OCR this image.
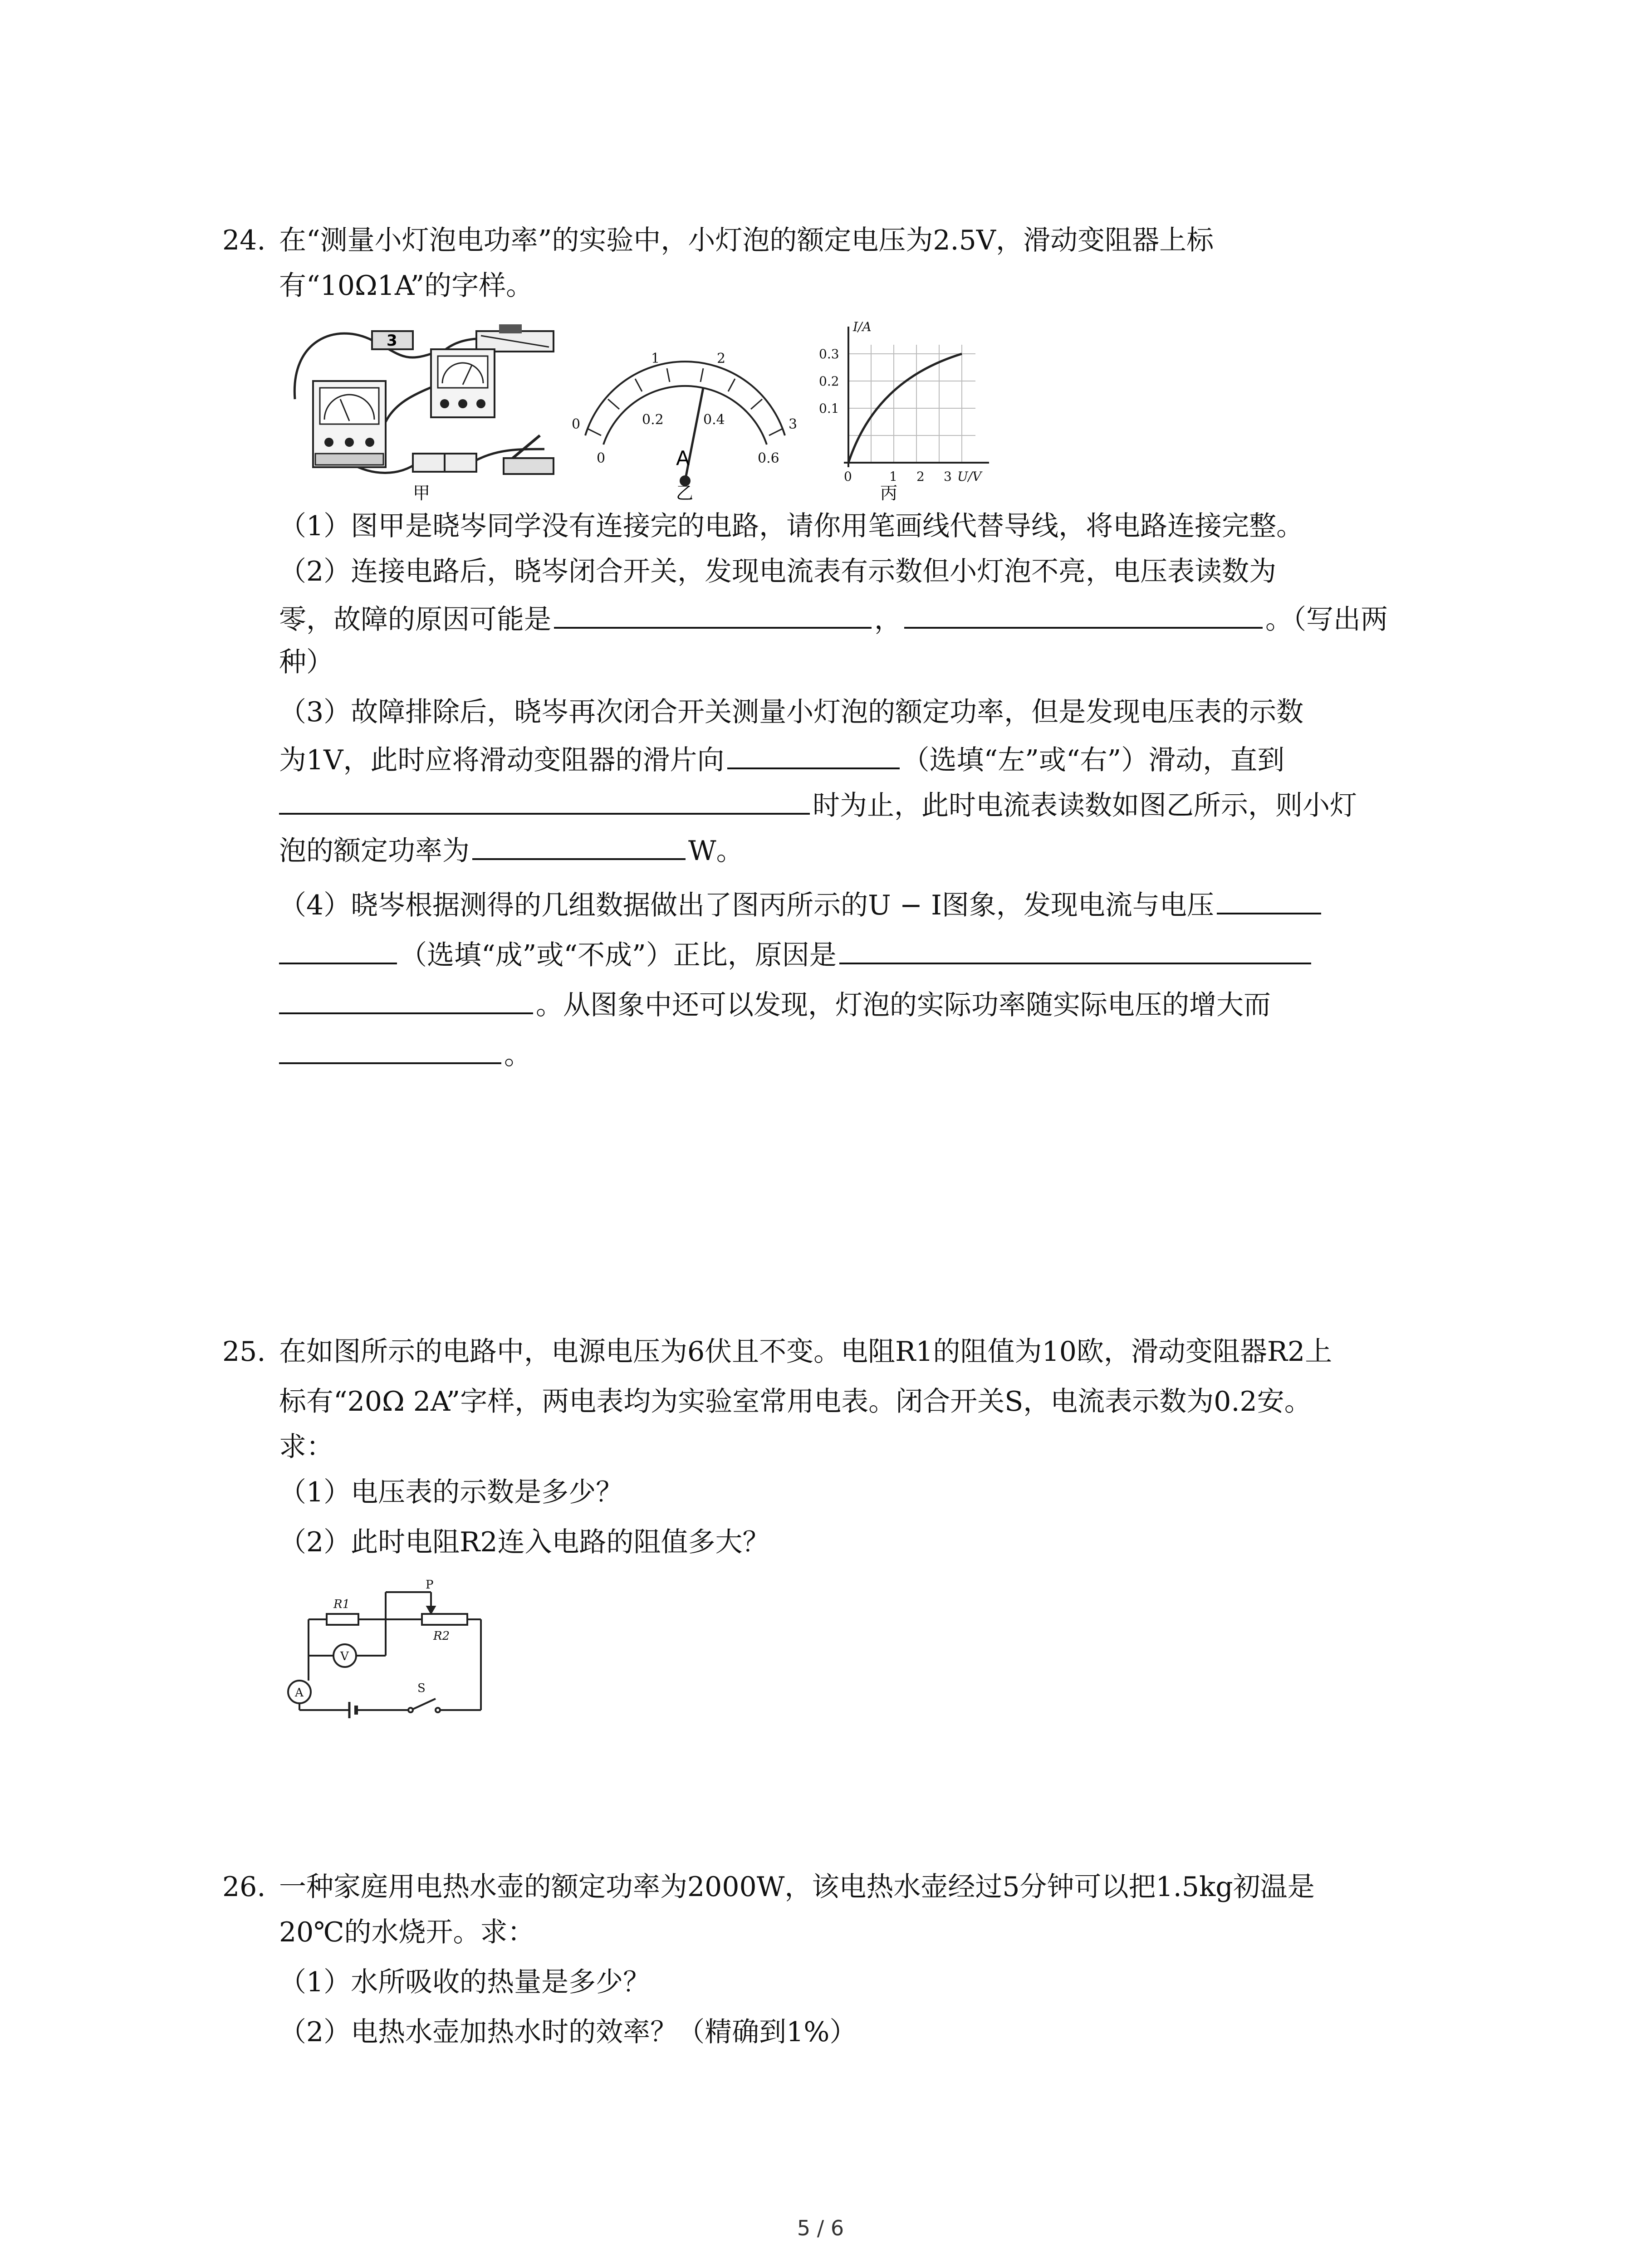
24. 在“测量小灯泡电功率”的实验中，小灯泡的额定电压为2.5V，滑动变阻器上标
有“10Ω1A”的字样。
3
甲
0
1	2
3
0
0.2	0.4
0.6
A
乙
I/A
0.3
0.2
0.1
0	1 2 3 U/V
丙
（1）图甲是晓岑同学没有连接完的电路，请你用笔画线代替导线，将电路连接完整。
（2）连接电路后，晓岑闭合开关，发现电流表有示数但小灯泡不亮，电压表读数为
零，故障的原因可能是	，	。（写出两
种）
（3）故障排除后，晓岑再次闭合开关测量小灯泡的额定功率，但是发现电压表的示数
为1V，此时应将滑动变阻器的滑片向	（选填“左”或“右”）滑动，直到
时为止，此时电流表读数如图乙所示，则小灯
泡的额定功率为	W。
（4）晓岑根据测得的几组数据做出了图丙所示的U − I图象，发现电流与电压
（选填“成”或“不成”）正比，原因是
。从图象中还可以发现，灯泡的实际功率随实际电压的增大而
。
25. 在如图所示的电路中，电源电压为6伏且不变。电阻R1的阻值为10欧，滑动变阻器R2上
标有“20Ω 2A”字样，两电表均为实验室常用电表。闭合开关S，电流表示数为0.2安。
求：
（1）电压表的示数是多少？
（2）此时电阻R2连入电路的阻值多大？
R1
R2
P
V
A	S
26. 一种家庭用电热水壶的额定功率为2000W，该电热水壶经过5分钟可以把1.5kg初温是
20℃的水烧开。求：
（1）水所吸收的热量是多少？
（2）电热水壶加热水时的效率？（精确到1%）
5 / 6
